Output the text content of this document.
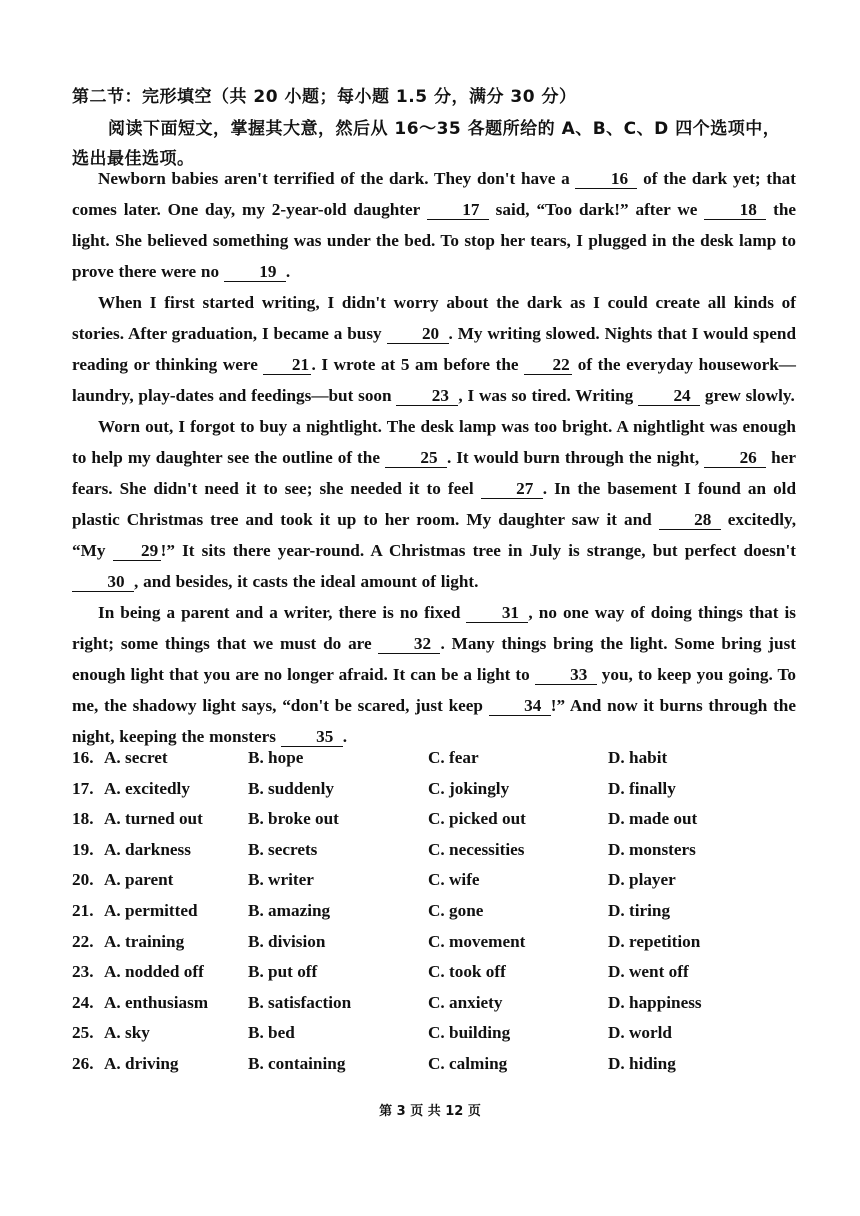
第二节：完形填空（共 20 小题；每小题 1.5 分，满分 30 分）
阅读下面短文，掌握其大意，然后从 16～35 各题所给的 A、B、C、D 四个选项中，选出最佳选项。

Newborn babies aren't terrified of the dark. They don't have a 16 of the dark yet; that comes later. One day, my 2-year-old daughter 17 said, “Too dark!” after we 18 the light. She believed something was under the bed. To stop her tears, I plugged in the desk lamp to prove there were no 19 .

When I first started writing, I didn't worry about the dark as I could create all kinds of stories. After graduation, I became a busy 20 . My writing slowed. Nights that I would spend reading or thinking were 21 . I wrote at 5 am before the 22 of the everyday housework—laundry, play-dates and feedings—but soon 23 , I was so tired. Writing 24 grew slowly.

Worn out, I forgot to buy a nightlight. The desk lamp was too bright. A nightlight was enough to help my daughter see the outline of the 25 . It would burn through the night, 26 her fears. She didn't need it to see; she needed it to feel 27 . In the basement I found an old plastic Christmas tree and took it up to her room. My daughter saw it and 28 excitedly, “My 29 !” It sits there year-round. A Christmas tree in July is strange, but perfect doesn't 30 , and besides, it casts the ideal amount of light.

In being a parent and a writer, there is no fixed 31 , no one way of doing things that is right; some things that we must do are 32 . Many things bring the light. Some bring just enough light that you are no longer afraid. It can be a light to 33 you, to keep you going. To me, the shadowy light says, “don't be scared, just keep 34 !” And now it burns through the night, keeping the monsters 35 .

16. A. secret	B. hope	C. fear	D. habit
17. A. excitedly	B. suddenly	C. jokingly	D. finally
18. A. turned out	B. broke out	C. picked out	D. made out
19. A. darkness	B. secrets	C. necessities	D. monsters
20. A. parent	B. writer	C. wife	D. player
21. A. permitted	B. amazing	C. gone	D. tiring
22. A. training	B. division	C. movement	D. repetition
23. A. nodded off	B. put off	C. took off	D. went off
24. A. enthusiasm B. satisfaction	C. anxiety	D. happiness
25. A. sky	B. bed	C. building	D. world
26. A. driving	B. containing	C. calming	D. hiding
第 3 页 共 12 页
